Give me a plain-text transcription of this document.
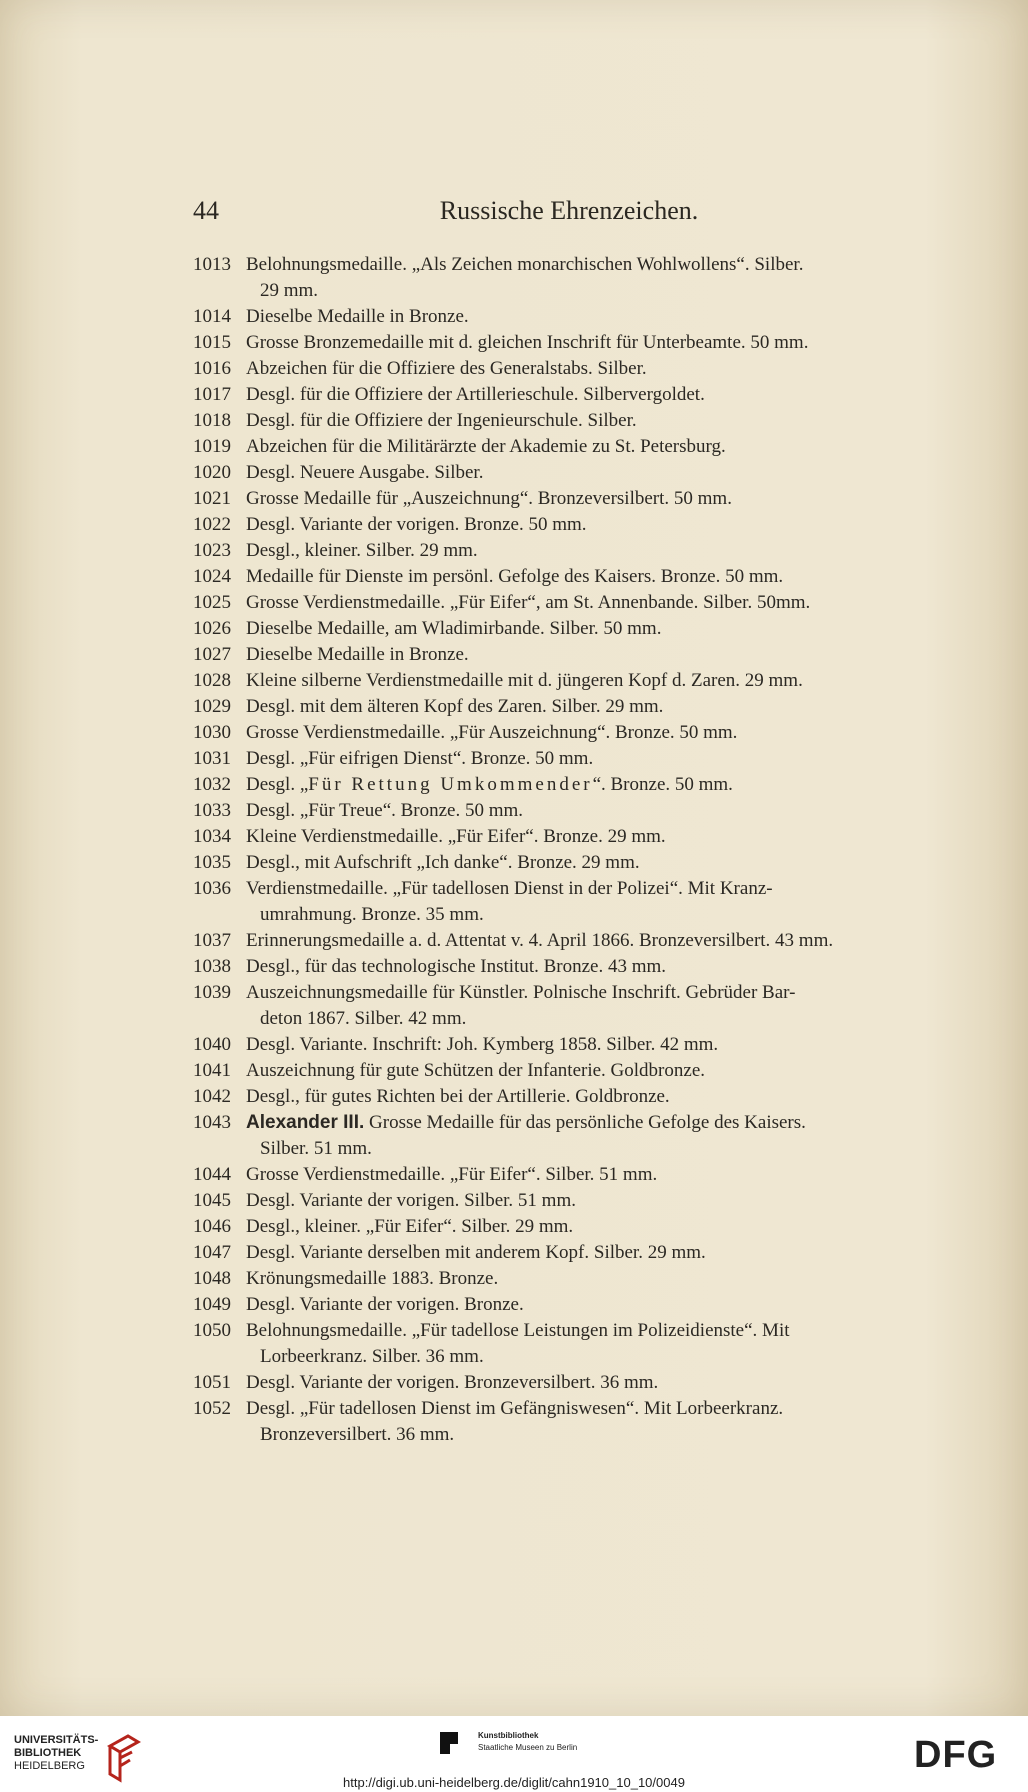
44	Russische Ehrenzeichen.
1013 Belohnungsmedaille. „Als Zeichen monarchischen Wohlwollens“. Silber.
29 mm.
1014 Dieselbe Medaille in Bronze.
1015 Grosse Bronzemedaille mit d. gleichen Inschrift für Unterbeamte. 50 mm.
1016 Abzeichen für die Offiziere des Generalstabs. Silber.
1017 Desgl. für die Offiziere der Artillerieschule. Silbervergoldet.
1018 Desgl. für die Offiziere der Ingenieurschule. Silber.
1019 Abzeichen für die Militärärzte der Akademie zu St. Petersburg.
1020 Desgl. Neuere Ausgabe. Silber.
1021 Grosse Medaille für „Auszeichnung“. Bronzeversilbert. 50 mm.
1022 Desgl. Variante der vorigen. Bronze. 50 mm.
1023 Desgl., kleiner. Silber. 29 mm.
1024 Medaille für Dienste im persönl. Gefolge des Kaisers. Bronze. 50 mm.
1025 Grosse Verdienstmedaille. „Für Eifer“, am St. Annenbande. Silber. 50mm.
1026 Dieselbe Medaille, am Wladimirbande. Silber. 50 mm.
1027 Dieselbe Medaille in Bronze.
1028 Kleine silberne Verdienstmedaille mit d. jüngeren Kopf d. Zaren. 29 mm.
1029 Desgl. mit dem älteren Kopf des Zaren. Silber. 29 mm.
1030 Grosse Verdienstmedaille. „Für Auszeichnung“. Bronze. 50 mm.
1031 Desgl. „Für eifrigen Dienst“. Bronze. 50 mm.
1032 Desgl. „Für Rettung Umkommender“. Bronze. 50 mm.
1033 Desgl. „Für Treue“. Bronze. 50 mm.
1034 Kleine Verdienstmedaille. „Für Eifer“. Bronze. 29 mm.
1035 Desgl., mit Aufschrift „Ich danke“. Bronze. 29 mm.
1036 Verdienstmedaille. „Für tadellosen Dienst in der Polizei“. Mit Kranz-
umrahmung. Bronze. 35 mm.
1037 Erinnerungsmedaille a. d. Attentat v. 4. April 1866. Bronzeversilbert. 43 mm.
1038 Desgl., für das technologische Institut. Bronze. 43 mm.
1039 Auszeichnungsmedaille für Künstler. Polnische Inschrift. Gebrüder Bar-
deton 1867. Silber. 42 mm.
1040 Desgl. Variante. Inschrift: Joh. Kymberg 1858. Silber. 42 mm.
1041 Auszeichnung für gute Schützen der Infanterie. Goldbronze.
1042 Desgl., für gutes Richten bei der Artillerie. Goldbronze.
1043 Alexander III. Grosse Medaille für das persönliche Gefolge des Kaisers.
Silber. 51 mm.
1044 Grosse Verdienstmedaille. „Für Eifer“. Silber. 51 mm.
1045 Desgl. Variante der vorigen. Silber. 51 mm.
1046 Desgl., kleiner. „Für Eifer“. Silber. 29 mm.
1047 Desgl. Variante derselben mit anderem Kopf. Silber. 29 mm.
1048 Krönungsmedaille 1883. Bronze.
1049 Desgl. Variante der vorigen. Bronze.
1050 Belohnungsmedaille. „Für tadellose Leistungen im Polizeidienste“. Mit
Lorbeerkranz. Silber. 36 mm.
1051 Desgl. Variante der vorigen. Bronzeversilbert. 36 mm.
1052 Desgl. „Für tadellosen Dienst im Gefängniswesen“. Mit Lorbeerkranz.
Bronzeversilbert. 36 mm.
UNIVERSITÄTS-
BIBLIOTHEK
HEIDELBERG
Kunstbibliothek
Staatliche Museen zu Berlin	DFG
http://digi.ub.uni-heidelberg.de/diglit/cahn1910_10_10/0049
